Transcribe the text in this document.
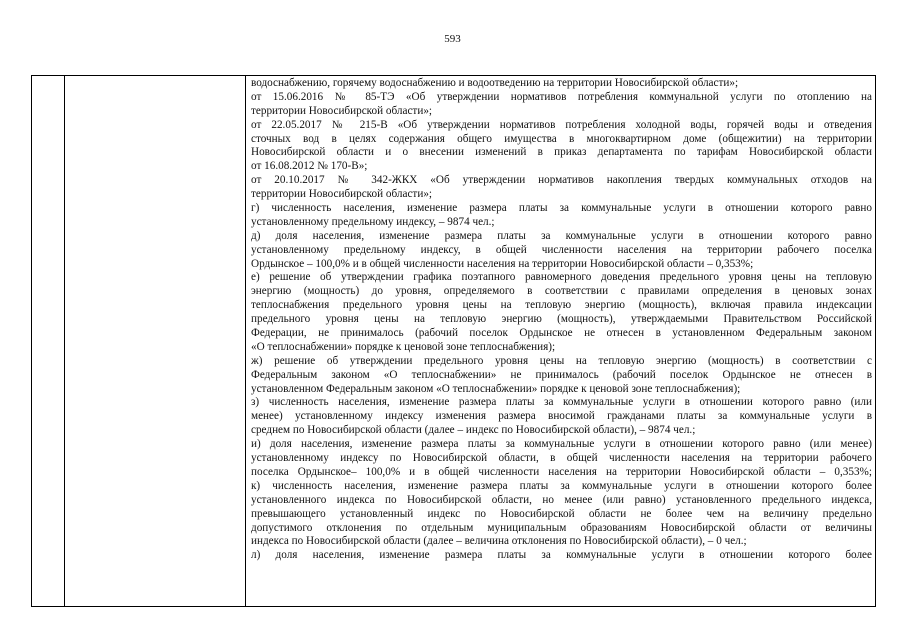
593
водоснабжению, горячему водоснабжению и водоотведению на территории Новосибирской области»;
от 15.06.2016 № 85-ТЭ «Об утверждении нормативов потребления коммунальной услуги по отоплению на
территории Новосибирской области»;
от 22.05.2017 № 215-В «Об утверждении нормативов потребления холодной воды, горячей воды и отведения
сточных вод в целях содержания общего имущества в многоквартирном доме (общежитии) на территории
Новосибирской области и о внесении изменений в приказ департамента по тарифам Новосибирской области
от 16.08.2012 № 170-В»;
от 20.10.2017 № 342-ЖКХ «Об утверждении нормативов накопления твердых коммунальных отходов на
территории Новосибирской области»;
г) численность населения, изменение размера платы за коммунальные услуги в отношении которого равно
установленному предельному индексу, – 9874 чел.;
д) доля населения, изменение размера платы за коммунальные услуги в отношении которого равно
установленному предельному индексу, в общей численности населения на территории рабочего поселка
Ордынское – 100,0% и в общей численности населения на территории Новосибирской области – 0,353%;
е) решение об утверждении графика поэтапного равномерного доведения предельного уровня цены на тепловую
энергию (мощность) до уровня, определяемого в соответствии с правилами определения в ценовых зонах
теплоснабжения предельного уровня цены на тепловую энергию (мощность), включая правила индексации
предельного уровня цены на тепловую энергию (мощность), утверждаемыми Правительством Российской
Федерации, не принималось (рабочий поселок Ордынское не отнесен в установленном Федеральным законом
«О теплоснабжении» порядке к ценовой зоне теплоснабжения);
ж) решение об утверждении предельного уровня цены на тепловую энергию (мощность) в соответствии с
Федеральным законом «О теплоснабжении» не принималось (рабочий поселок Ордынское не отнесен в
установленном Федеральным законом «О теплоснабжении» порядке к ценовой зоне теплоснабжения);
з) численность населения, изменение размера платы за коммунальные услуги в отношении которого равно (или
менее) установленному индексу изменения размера вносимой гражданами платы за коммунальные услуги в
среднем по Новосибирской области (далее – индекс по Новосибирской области), – 9874 чел.;
и) доля населения, изменение размера платы за коммунальные услуги в отношении которого равно (или менее)
установленному индексу по Новосибирской области, в общей численности населения на территории рабочего
поселка Ордынское– 100,0% и в общей численности населения на территории Новосибирской области – 0,353%;
к) численность населения, изменение размера платы за коммунальные услуги в отношении которого более
установленного индекса по Новосибирской области, но менее (или равно) установленного предельного индекса,
превышающего установленный индекс по Новосибирской области не более чем на величину предельно
допустимого отклонения по отдельным муниципальным образованиям Новосибирской области от величины
индекса по Новосибирской области (далее – величина отклонения по Новосибирской области), – 0 чел.;
л) доля населения, изменение размера платы за коммунальные услуги в отношении которого более
